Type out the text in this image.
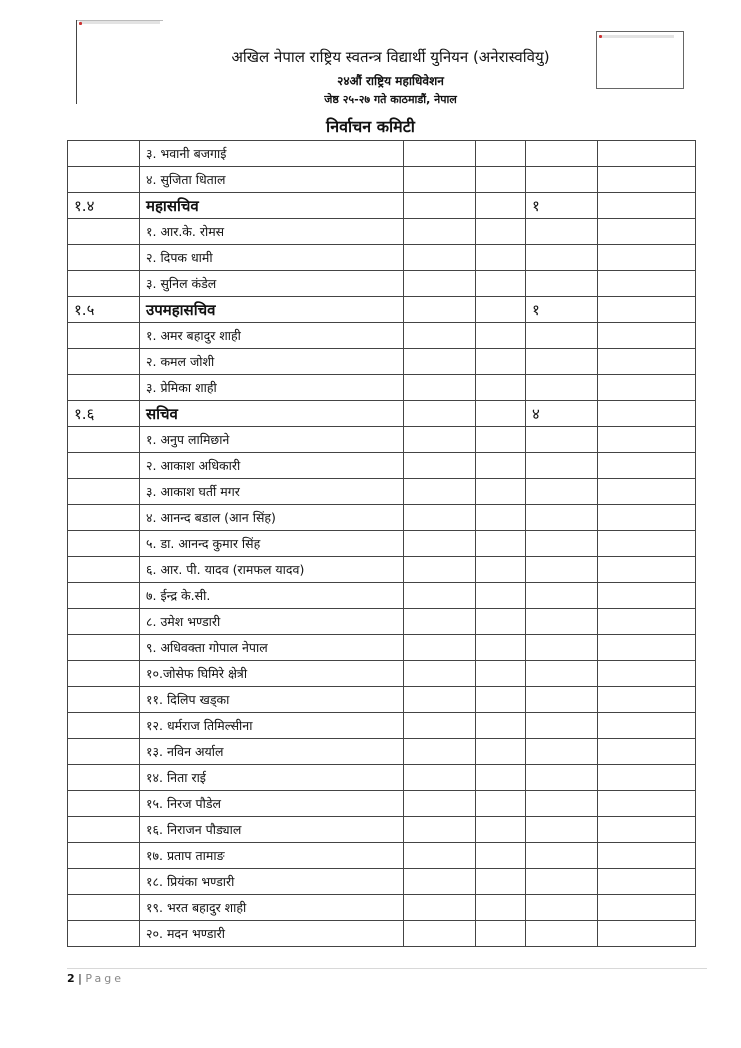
अखिल नेपाल राष्ट्रिय स्वतन्त्र विद्यार्थी युनियन (अनेरास्ववियु)
२४औं राष्ट्रिय महाधिवेशन
जेष्ठ २५-२७ गते काठमाडौं, नेपाल
निर्वाचन कमिटी
	३. भवानी बजगाई				
	४. सुजिता धिताल				
१.४	महासचिव			१	
	१. आर.के. रोमस				
	२. दिपक धामी				
	३. सुनिल कंडेल				
१.५	उपमहासचिव			१	
	१. अमर बहादुर शाही				
	२. कमल जोशी				
	३. प्रेमिका शाही				
१.६	सचिव			४	
	१. अनुप लामिछाने				
	२. आकाश अधिकारी				
	३. आकाश घर्ती मगर				
	४. आनन्द बडाल (आन सिंह)				
	५. डा. आनन्द कुमार सिंह				
	६. आर. पी. यादव (रामफल यादव)				
	७. ईन्द्र के.सी.				
	८. उमेश भण्डारी				
	९. अधिवक्ता गोपाल नेपाल				
	१०.जोसेफ घिमिरे क्षेत्री				
	११. दिलिप खड्का				
	१२. धर्मराज तिमिल्सीना				
	१३. नविन अर्याल				
	१४. निता राई				
	१५. निरज पौडेल				
	१६. निराजन पौड्याल				
	१७. प्रताप तामाङ				
	१८. प्रियंका भण्डारी				
	१९. भरत बहादुर शाही				
	२०. मदन भण्डारी				
2 | Page
